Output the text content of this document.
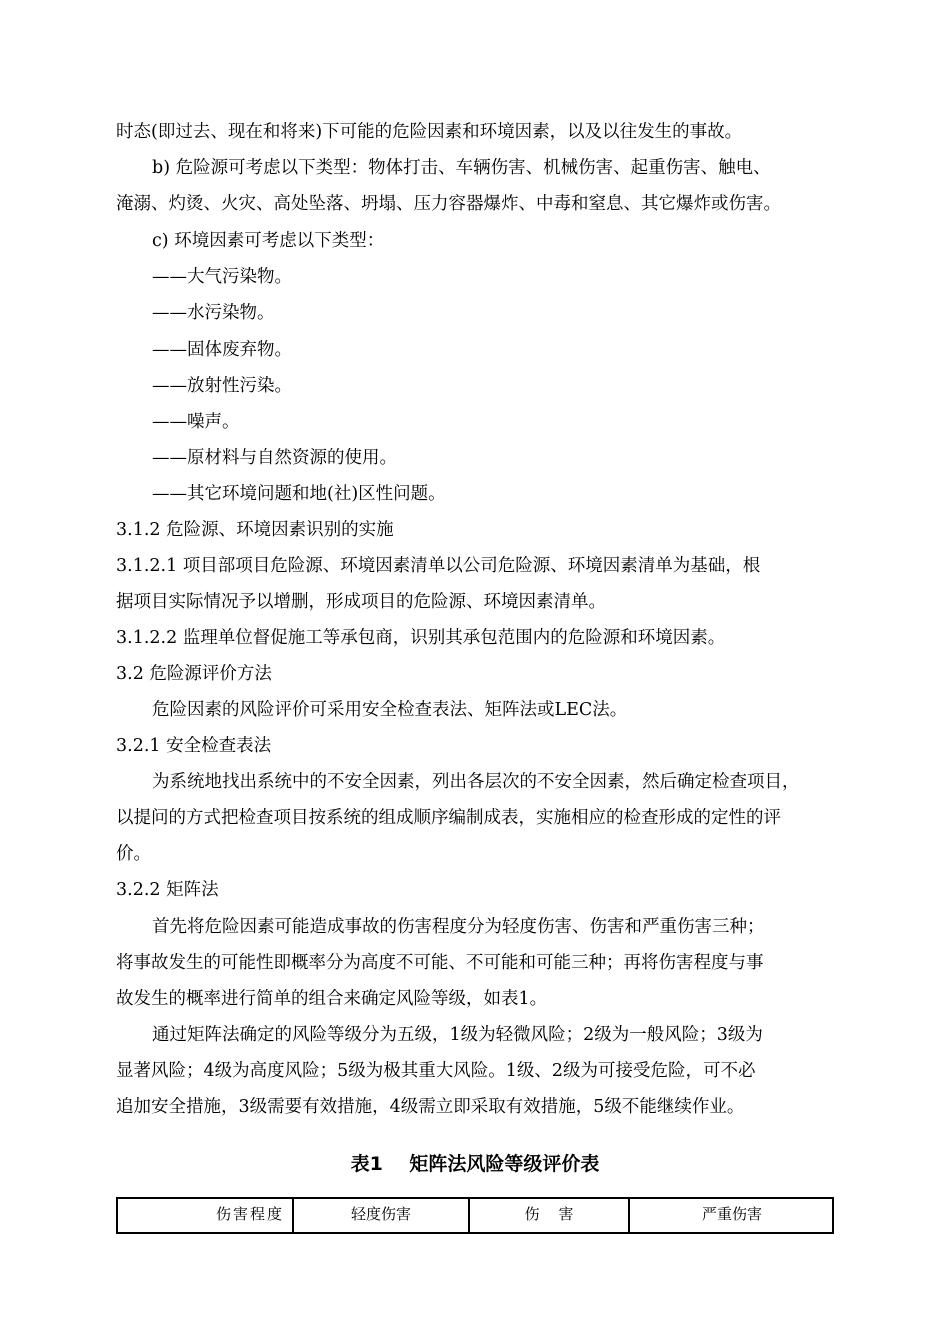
时态(即过去、现在和将来)下可能的危险因素和环境因素，以及以往发生的事故。
b) 危险源可考虑以下类型：物体打击、车辆伤害、机械伤害、起重伤害、触电、
淹溺、灼烫、火灾、高处坠落、坍塌、压力容器爆炸、中毒和窒息、其它爆炸或伤害。
c) 环境因素可考虑以下类型：
——大气污染物。
——水污染物。
——固体废弃物。
——放射性污染。
——噪声。
——原材料与自然资源的使用。
——其它环境问题和地(社)区性问题。
3.1.2 危险源、环境因素识别的实施
3.1.2.1 项目部项目危险源、环境因素清单以公司危险源、环境因素清单为基础，根
据项目实际情况予以增删，形成项目的危险源、环境因素清单。
3.1.2.2 监理单位督促施工等承包商，识别其承包范围内的危险源和环境因素。
3.2 危险源评价方法
危险因素的风险评价可采用安全检查表法、矩阵法或LEC法。
3.2.1 安全检查表法
为系统地找出系统中的不安全因素，列出各层次的不安全因素，然后确定检查项目，
以提问的方式把检查项目按系统的组成顺序编制成表，实施相应的检查形成的定性的评
价。
3.2.2 矩阵法
首先将危险因素可能造成事故的伤害程度分为轻度伤害、伤害和严重伤害三种；
将事故发生的可能性即概率分为高度不可能、不可能和可能三种；再将伤害程度与事
故发生的概率进行简单的组合来确定风险等级，如表1。
通过矩阵法确定的风险等级分为五级，1级为轻微风险；2级为一般风险；3级为
显著风险；4级为高度风险；5级为极其重大风险。1级、2级为可接受危险，可不必
追加安全措施，3级需要有效措施，4级需立即采取有效措施，5级不能继续作业。
表1    矩阵法风险等级评价表
伤害程度	轻度伤害	伤    害	严重伤害
